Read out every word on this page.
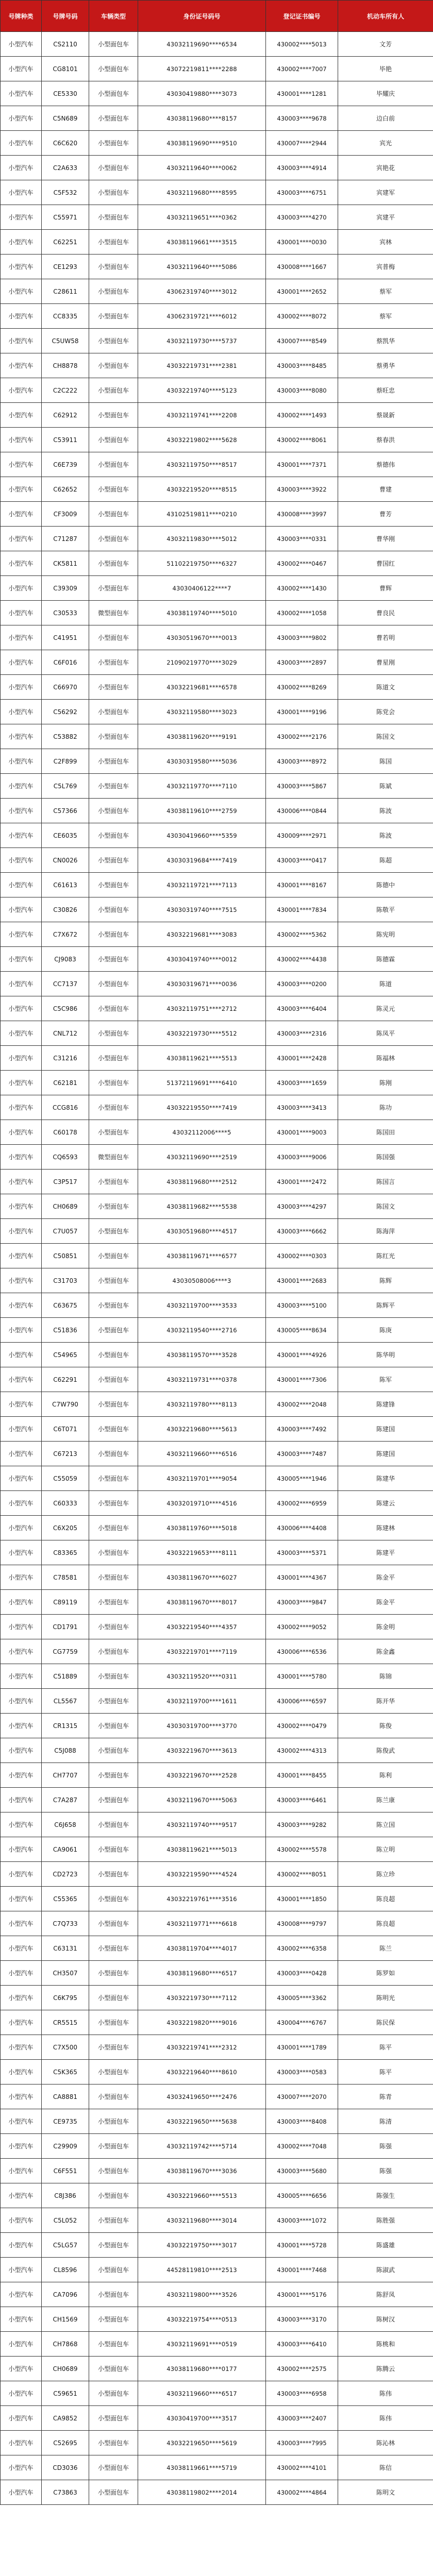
号牌种类	号牌号码	车辆类型	身份证号码号	登记证书编号	机动车所有人
小型汽车	CS2110	小型面包车	43032119690****6534	430002****5013	文芳
小型汽车	CG8101	小型面包车	43072219811****2288	430002****7007	毕艳
小型汽车	CE5330	小型面包车	43030419880****3073	430001****1281	毕耀庆
小型汽车	C5N689	小型面包车	43038119680****8157	430003****9678	边白前
小型汽车	C6C620	小型面包车	43038119690****9510	430007****2944	宾光
小型汽车	C2A633	小型面包车	43032119640****0062	430003****4914	宾艳花
小型汽车	C5F532	小型面包车	43032119680****8595	430003****6751	宾建军
小型汽车	C55971	小型面包车	43032119651****0362	430003****4270	宾建平
小型汽车	C62251	小型面包车	43038119661****3515	430001****0030	宾林
小型汽车	CE1293	小型面包车	43032119640****5086	430008****1667	宾普梅
小型汽车	C28611	小型面包车	43062319740****3012	430001****2652	蔡军
小型汽车	CC8335	小型面包车	43062319721****6012	430002****8072	蔡军
小型汽车	C5UW58	小型面包车	43032119730****5737	430007****8549	蔡凯华
小型汽车	CH8878	小型面包车	43032219731****2381	430003****8485	蔡勇华
小型汽车	C2C222	小型面包车	43032219740****5123	430003****8080	蔡旺忠
小型汽车	C62912	小型面包车	43032119741****2208	430002****1493	蔡晟新
小型汽车	C53911	小型面包车	43032219802****5628	430002****8061	蔡春洪
小型汽车	C6E739	小型面包车	43032119750****8517	430001****7371	蔡德伟
小型汽车	C62652	小型面包车	43032219520****8515	430003****3922	曹建
小型汽车	CF3009	小型面包车	43102519811****0210	430008****3997	曹芳
小型汽车	C71287	小型面包车	43032119830****5012	430003****0331	曹华刚
小型汽车	CK5811	小型面包车	51102219750****6327	430002****0467	曹国红
小型汽车	C39309	小型面包车	43030406122****7	430002****1430	曹辉
小型汽车	C30533	微型面包车	43038119740****5010	430002****1058	曹良民
小型汽车	C41951	小型面包车	43030519670****0013	430003****9802	曹若明
小型汽车	C6F016	小型面包车	21090219770****3029	430003****2897	曹星刚
小型汽车	C66970	小型面包车	43032219681****6578	430002****8269	陈道文
小型汽车	C56292	小型面包车	43032119580****3023	430001****9196	陈党会
小型汽车	C53882	小型面包车	43038119620****9191	430002****2176	陈国文
小型汽车	C2F899	小型面包车	43030319580****5036	430003****8972	陈国
小型汽车	C5L769	小型面包车	43032119770****7110	430003****5867	陈斌
小型汽车	C57366	小型面包车	43038119610****2759	430006****0844	陈波
小型汽车	CE6035	小型面包车	43030419660****5359	430009****2971	陈波
小型汽车	CN0026	小型面包车	43030319684****7419	430003****0417	陈超
小型汽车	C61613	小型面包车	43032119721****7113	430001****8167	陈德中
小型汽车	C30826	小型面包车	43030319740****7515	430001****7834	陈敬平
小型汽车	C7X672	小型面包车	43032219681****3083	430002****5362	陈宪明
小型汽车	CJ9083	小型面包车	43030419740****0012	430002****4438	陈德霖
小型汽车	CC7137	小型面包车	43030319671****0036	430003****0200	陈道
小型汽车	C5C986	小型面包车	43032119751****2712	430003****6404	陈灵元
小型汽车	CNL712	小型面包车	43032219730****5512	430003****2316	陈凤平
小型汽车	C31216	小型面包车	43038119621****5513	430001****2428	陈福林
小型汽车	C62181	小型面包车	51372119691****6410	430003****1659	陈刚
小型汽车	CCG816	小型面包车	43032219550****7419	430003****3413	陈功
小型汽车	C60178	小型面包车	43032112006****5	430001****9003	陈国田
小型汽车	CQ6593	微型面包车	43032119690****2519	430003****9006	陈国强
小型汽车	C3P517	小型面包车	43038119680****2512	430001****2472	陈国言
小型汽车	CH0689	小型面包车	43038119682****5538	430003****4297	陈国文
小型汽车	C7U057	小型面包车	43030519680****4517	430003****6662	陈海萍
小型汽车	C50851	小型面包车	43038119671****6577	430002****0303	陈红光
小型汽车	C31703	小型面包车	43030508006****3	430001****2683	陈辉
小型汽车	C63675	小型面包车	43032119700****3533	430003****5100	陈辉平
小型汽车	C51836	小型面包车	43032119540****2716	430005****8634	陈庚
小型汽车	C54965	小型面包车	43038119570****3528	430001****4926	陈华明
小型汽车	C62291	小型面包车	43032119731****0378	430001****7306	陈军
小型汽车	C7W790	小型面包车	43032119780****8113	430002****2048	陈建锋
小型汽车	C6T071	小型面包车	43032219680****5613	430003****7492	陈建国
小型汽车	C67213	小型面包车	43032119660****6516	430003****7487	陈建国
小型汽车	C55059	小型面包车	43032119701****9054	430005****1946	陈建华
小型汽车	C60333	小型面包车	43032019710****4516	430002****6959	陈建云
小型汽车	C6X205	小型面包车	43038119760****5018	430006****4408	陈建林
小型汽车	C83365	小型面包车	43032219653****8111	430003****5371	陈建平
小型汽车	C78581	小型面包车	43038119670****6027	430001****4367	陈金平
小型汽车	C89119	小型面包车	43038119670****8017	430003****9847	陈金平
小型汽车	CD1791	小型面包车	43032219540****4357	430002****9052	陈金明
小型汽车	CG7759	小型面包车	43032219701****7119	430006****6536	陈金鑫
小型汽车	C51889	小型面包车	43032119520****0311	430001****5780	陈锦
小型汽车	CL5567	小型面包车	43032119700****1611	430006****6597	陈开华
小型汽车	CR1315	小型面包车	43030319700****3770	430002****0479	陈俊
小型汽车	C5J088	小型面包车	43032219670****3613	430002****4313	陈俊武
小型汽车	CH7707	小型面包车	43032219670****2528	430001****8455	陈利
小型汽车	C7A287	小型面包车	43032119670****5063	430003****6461	陈兰康
小型汽车	C6J658	小型面包车	43032119740****9517	430003****9282	陈立国
小型汽车	CA9061	小型面包车	43038119621****5013	430002****5578	陈立明
小型汽车	CD2723	小型面包车	43032219590****4524	430002****8051	陈立珍
小型汽车	C55365	小型面包车	43032219761****3516	430001****1850	陈良超
小型汽车	C7Q733	小型面包车	43032119771****6618	430008****9797	陈良超
小型汽车	C63131	小型面包车	43038119704****4017	430002****6358	陈兰
小型汽车	CH3507	小型面包车	43038119680****6517	430003****0428	陈罗如
小型汽车	C6K795	小型面包车	43032219730****7112	430005****3362	陈明光
小型汽车	CR5515	小型面包车	43032219820****9016	430004****6767	陈民保
小型汽车	C7X500	小型面包车	43032219741****2312	430001****1789	陈平
小型汽车	C5K365	小型面包车	43032219640****8610	430003****0583	陈平
小型汽车	CA8881	小型面包车	43032419650****2476	430007****2070	陈青
小型汽车	CE9735	小型面包车	43032219650****5638	430003****8408	陈清
小型汽车	C29909	小型面包车	43032119742****5714	430002****7048	陈强
小型汽车	C6F551	小型面包车	43038119670****3036	430003****5680	陈强
小型汽车	C8J386	小型面包车	43032219660****5513	430005****6656	陈强生
小型汽车	C5L052	小型面包车	43032119680****3014	430003****1072	陈胜强
小型汽车	C5LG57	小型面包车	43032219750****3017	430001****5728	陈盛雄
小型汽车	CL8596	小型面包车	44528119810****2513	430001****7468	陈淑武
小型汽车	CA7096	小型面包车	43032119800****3526	430001****5176	陈舒凤
小型汽车	CH1569	小型面包车	43032219754****0513	430003****3170	陈树汉
小型汽车	CH7868	小型面包车	43032119691****0519	430003****6410	陈桃和
小型汽车	CH0689	小型面包车	43038119680****0177	430002****2575	陈腾云
小型汽车	C59651	小型面包车	43032119660****6517	430003****6958	陈伟
小型汽车	CA9852	小型面包车	43030419700****3517	430003****2407	陈伟
小型汽车	C52695	小型面包车	43032219650****5619	430003****7995	陈沁林
小型汽车	CD3036	小型面包车	43038119661****5719	430002****4101	陈信
小型汽车	C73863	小型面包车	43038119802****2014	430002****4864	陈明文
